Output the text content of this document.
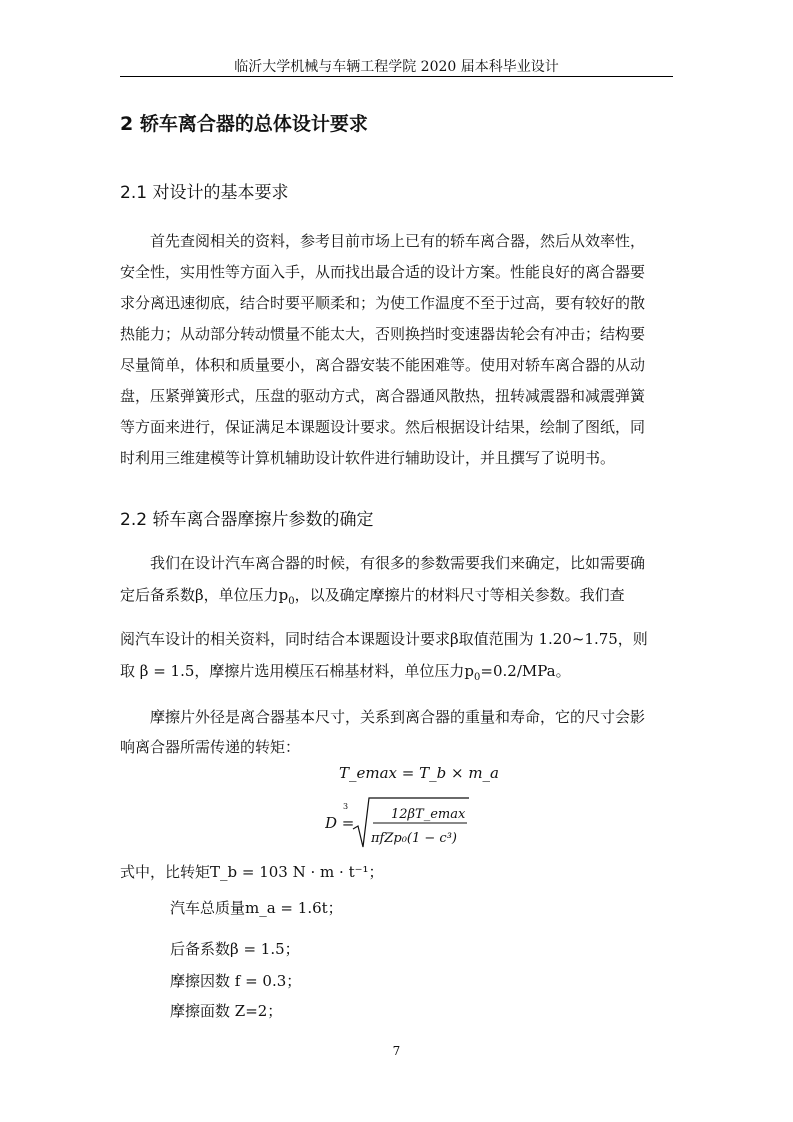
临沂大学机械与车辆工程学院 2020 届本科毕业设计
2 轿车离合器的总体设计要求
2.1 对设计的基本要求
首先查阅相关的资料，参考目前市场上已有的轿车离合器，然后从效率性，
安全性，实用性等方面入手，从而找出最合适的设计方案。性能良好的离合器要
求分离迅速彻底，结合时要平顺柔和；为使工作温度不至于过高，要有较好的散
热能力；从动部分转动惯量不能太大，否则换挡时变速器齿轮会有冲击；结构要
尽量简单，体积和质量要小，离合器安装不能困难等。使用对轿车离合器的从动
盘，压紧弹簧形式，压盘的驱动方式，离合器通风散热，扭转减震器和减震弹簧
等方面来进行，保证满足本课题设计要求。然后根据设计结果，绘制了图纸，同
时利用三维建模等计算机辅助设计软件进行辅助设计，并且撰写了说明书。
2.2 轿车离合器摩擦片参数的确定
我们在设计汽车离合器的时候，有很多的参数需要我们来确定，比如需要确
定后备系数β，单位压力$p_0$，以及确定摩擦片的材料尺寸等相关参数。我们查
阅汽车设计的相关资料，同时结合本课题设计要求β取值范围为 1.20~1.75，则
取 β = 1.5，摩擦片选用模压石棉基材料，单位压力$p_0=0.2$/MPa。
摩擦片外径是离合器基本尺寸，关系到离合器的重量和寿命，它的尺寸会影
响离合器所需传递的转矩：
T_emax = T_b × m_a
D =
3
12βT_emax
πfZp₀(1 − c³)
式中，比转矩T_b = 103 N · m · t⁻¹；
汽车总质量m_a = 1.6t；
后备系数β = 1.5；
摩擦因数 f = 0.3；
摩擦面数 Z=2；
7
